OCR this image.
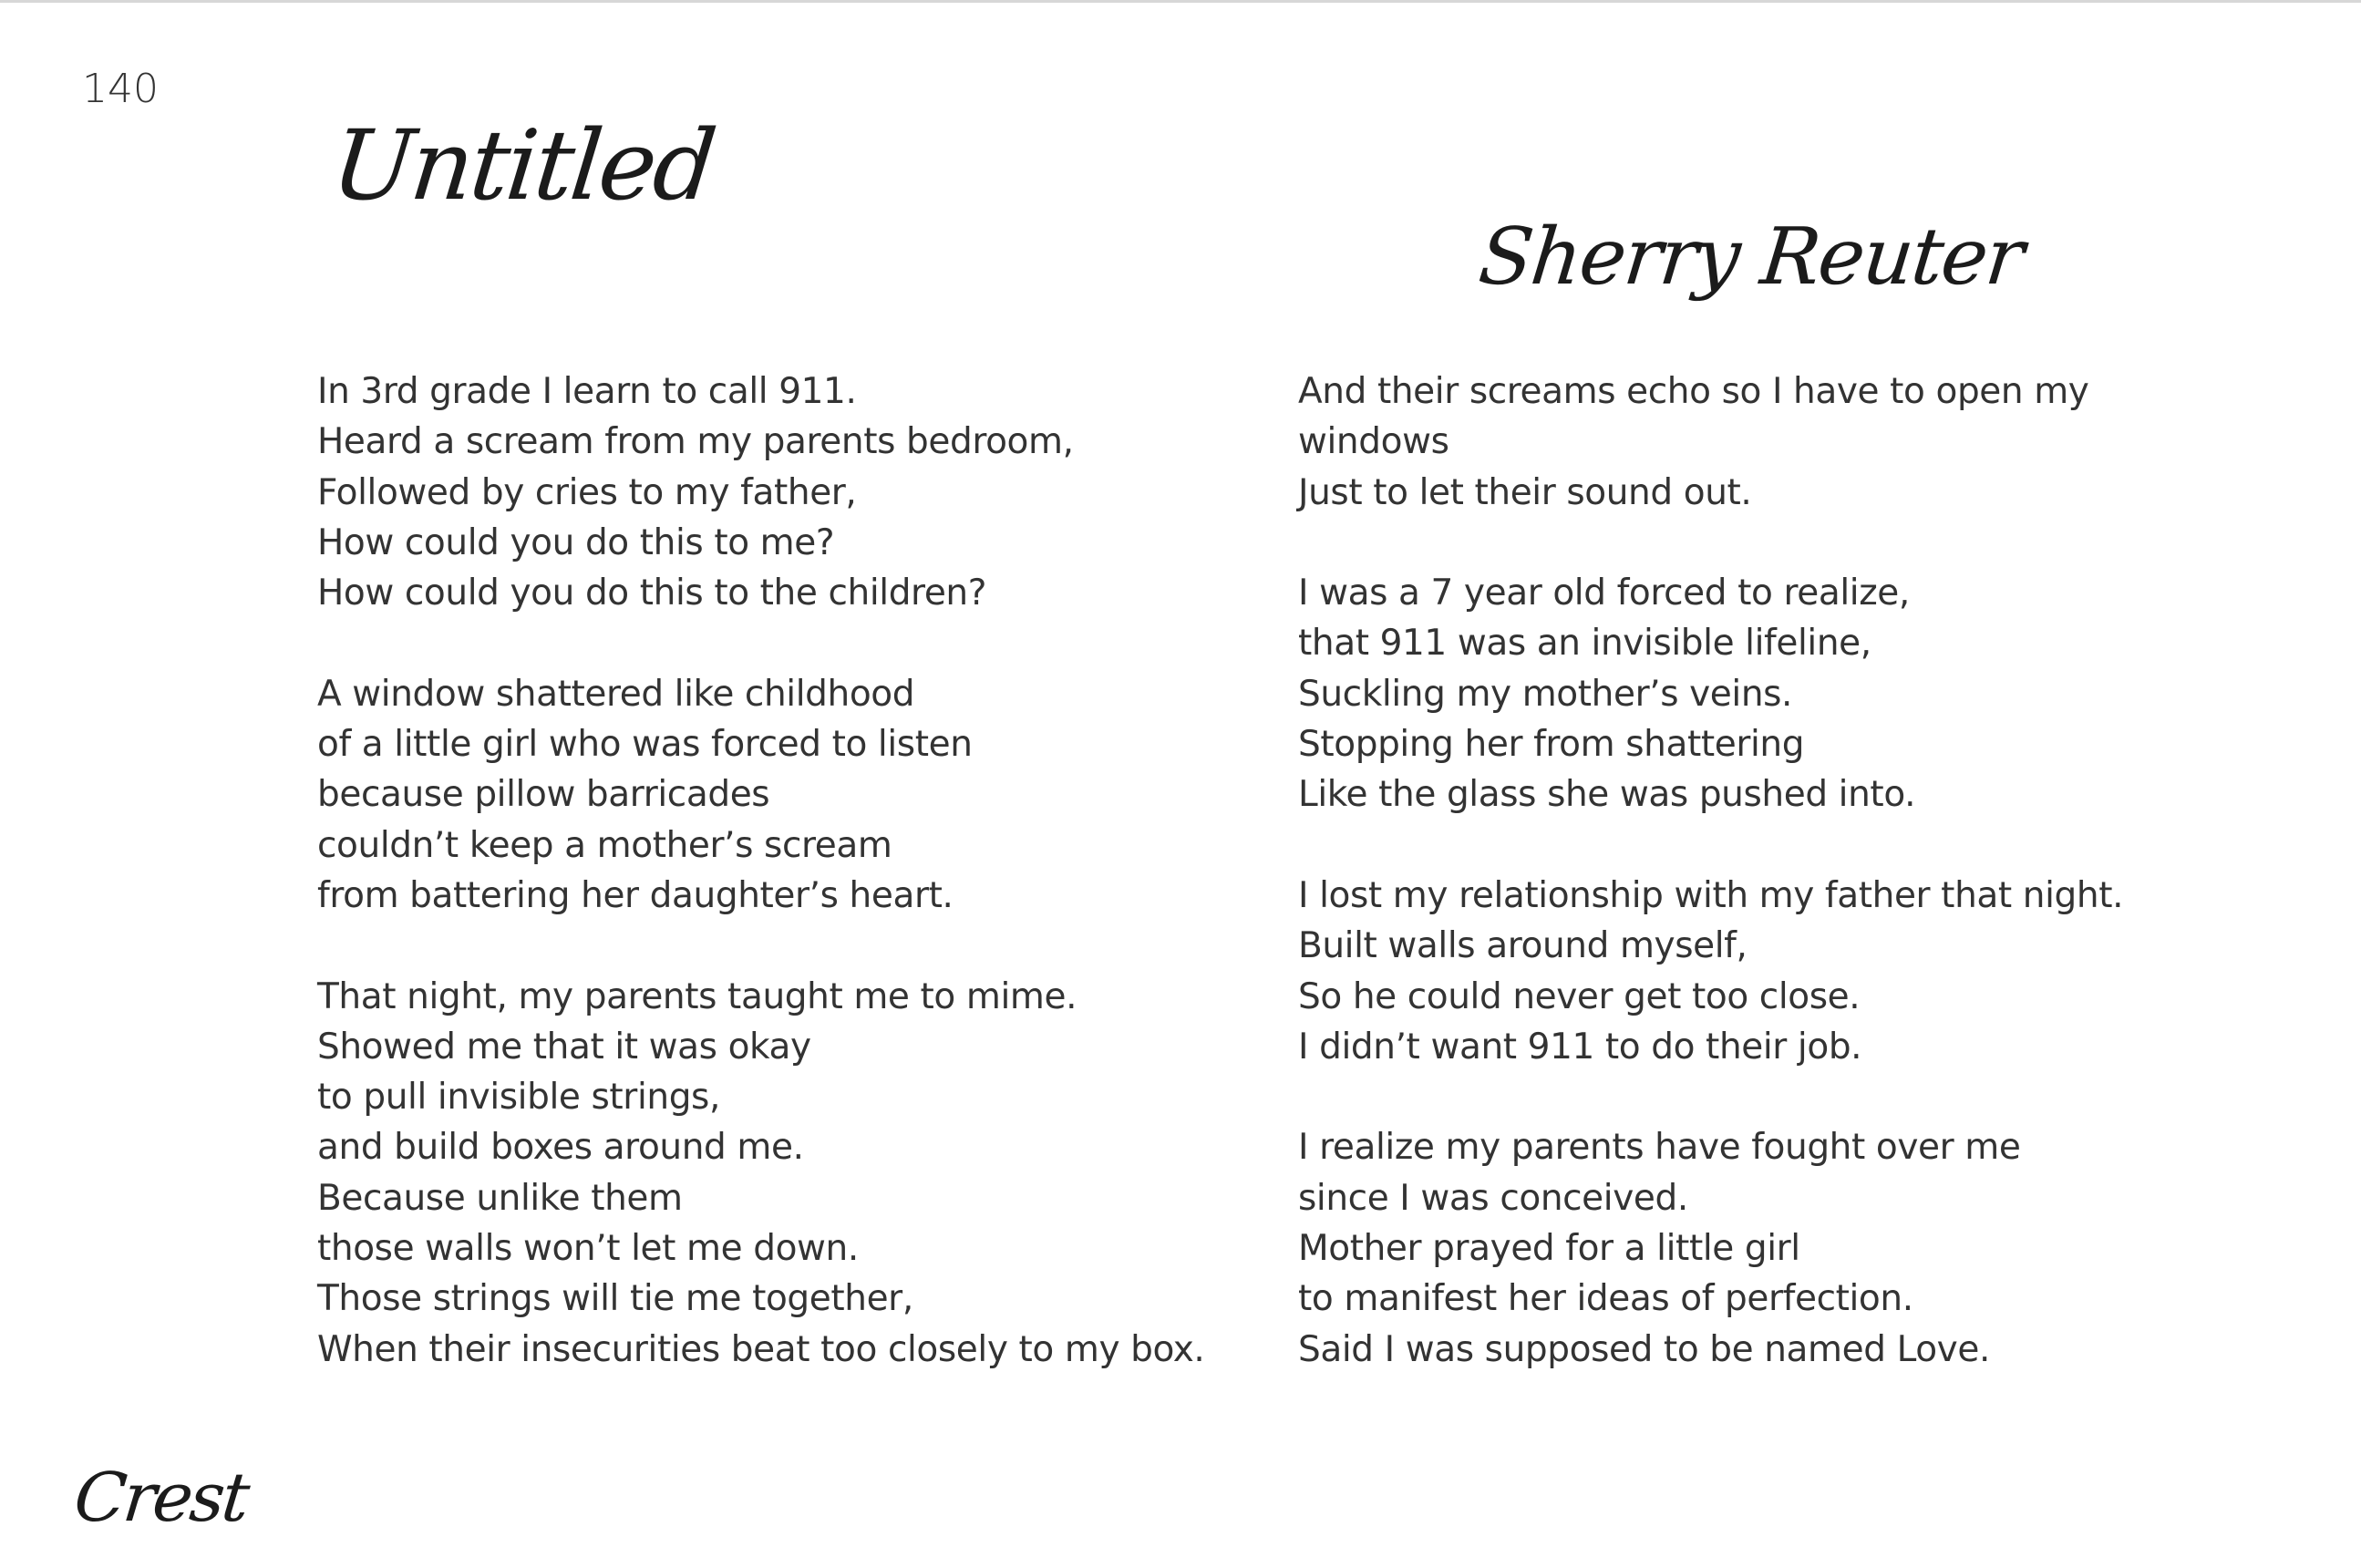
140
Untitled
Sherry Reuter
In 3rd grade I learn to call 911.
Heard a scream from my parents bedroom,
Followed by cries to my father,
How could you do this to me?
How could you do this to the children?
A window shattered like childhood
of a little girl who was forced to listen
because pillow barricades
couldn’t keep a mother’s scream
from battering her daughter’s heart.
That night, my parents taught me to mime.
Showed me that it was okay
to pull invisible strings,
and build boxes around me.
Because unlike them
those walls won’t let me down.
Those strings will tie me together,
When their insecurities beat too closely to my box.
And their screams echo so I have to open my
windows
Just to let their sound out.
I was a 7 year old forced to realize,
that 911 was an invisible lifeline,
Suckling my mother’s veins.
Stopping her from shattering
Like the glass she was pushed into.
I lost my relationship with my father that night.
Built walls around myself,
So he could never get too close.
I didn’t want 911 to do their job.
I realize my parents have fought over me
since I was conceived.
Mother prayed for a little girl
to manifest her ideas of perfection.
Said I was supposed to be named Love.
Crest
